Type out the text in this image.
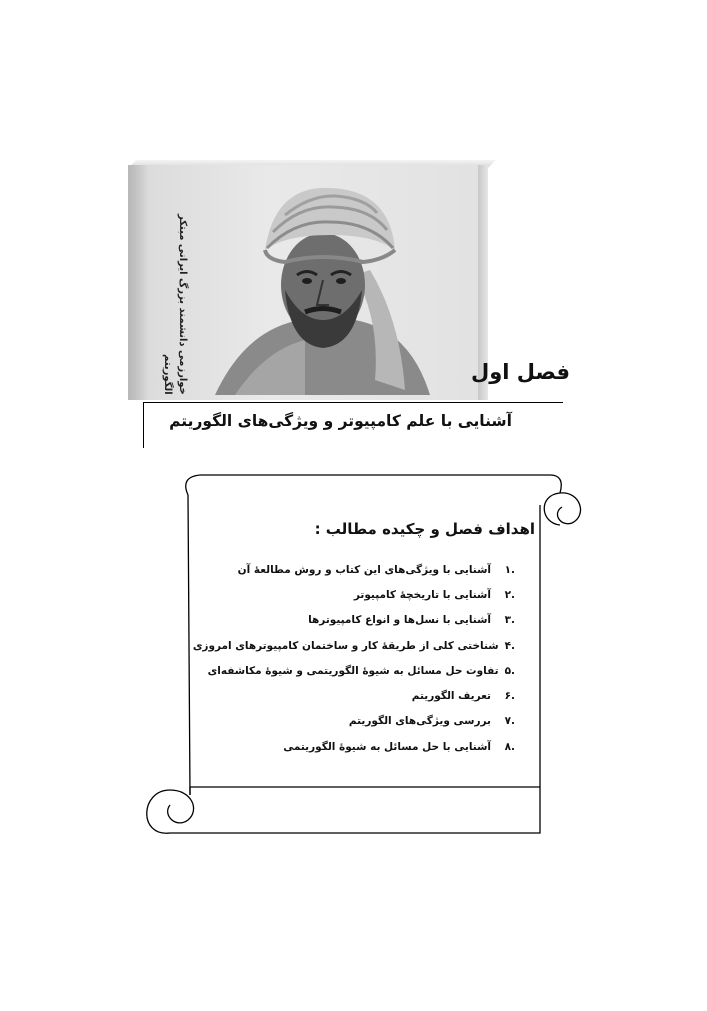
خوارزمی دانشمند بزرگ ایرانی مبتکر الگوریتم	فصل اول
آشنایی با علم کامپیوتر و ویژگی‌های الگوریتم
اهداف فصل و چکیده مطالب :
.۱
آشنایی با ویژگی‌های این کتاب و روش مطالعهٔ آن
.۲
آشنایی با تاریخچهٔ کامپیوتر
.۳
آشنایی با نسل‌ها و انواع کامپیوترها
.۴
شناختی کلی از طریقهٔ کار و ساختمان کامپیوترهای امروزی
.۵
تفاوت حل مسائل به شیوهٔ الگوریتمی و شیوهٔ مکاشفه‌ای
.۶
تعریف الگوریتم
.۷
بررسی ویژگی‌های الگوریتم
.۸
آشنایی با حل مسائل به شیوهٔ الگوریتمی
